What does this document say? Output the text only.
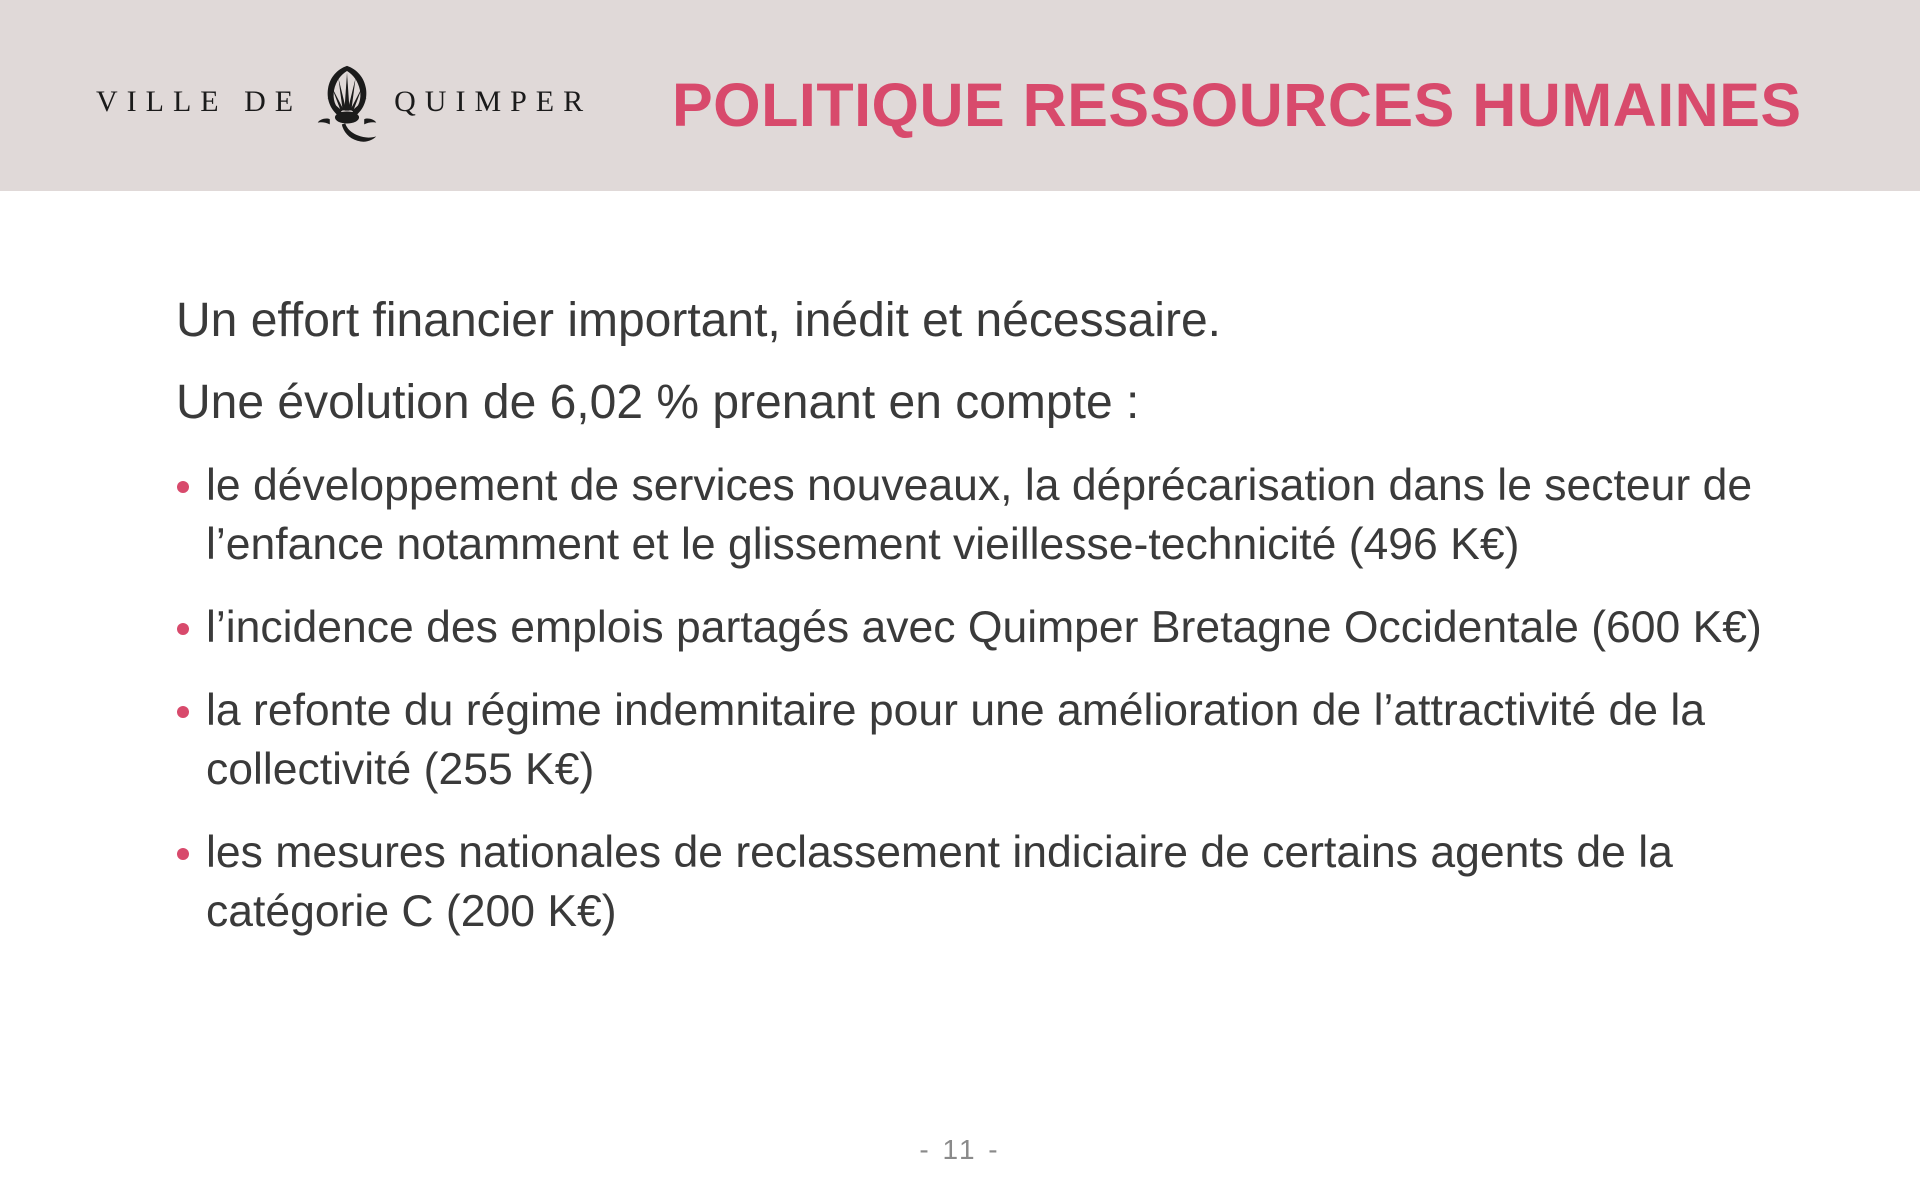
VILLE DE	QUIMPER POLITIQUE RESSOURCES HUMAINES

Un effort financier important, inédit et nécessaire.

Une évolution de 6,02 % prenant en compte :

le développement de services nouveaux, la déprécarisation dans le secteur de l’enfance notamment et le glissement vieillesse-technicité (496 K€)
l’incidence des emplois partagés avec Quimper Bretagne Occidentale (600 K€)
la refonte du régime indemnitaire pour une amélioration de l’attractivité de la collectivité (255 K€)
les mesures nationales de reclassement indiciaire de certains agents de la catégorie C (200 K€)
- 11 -
